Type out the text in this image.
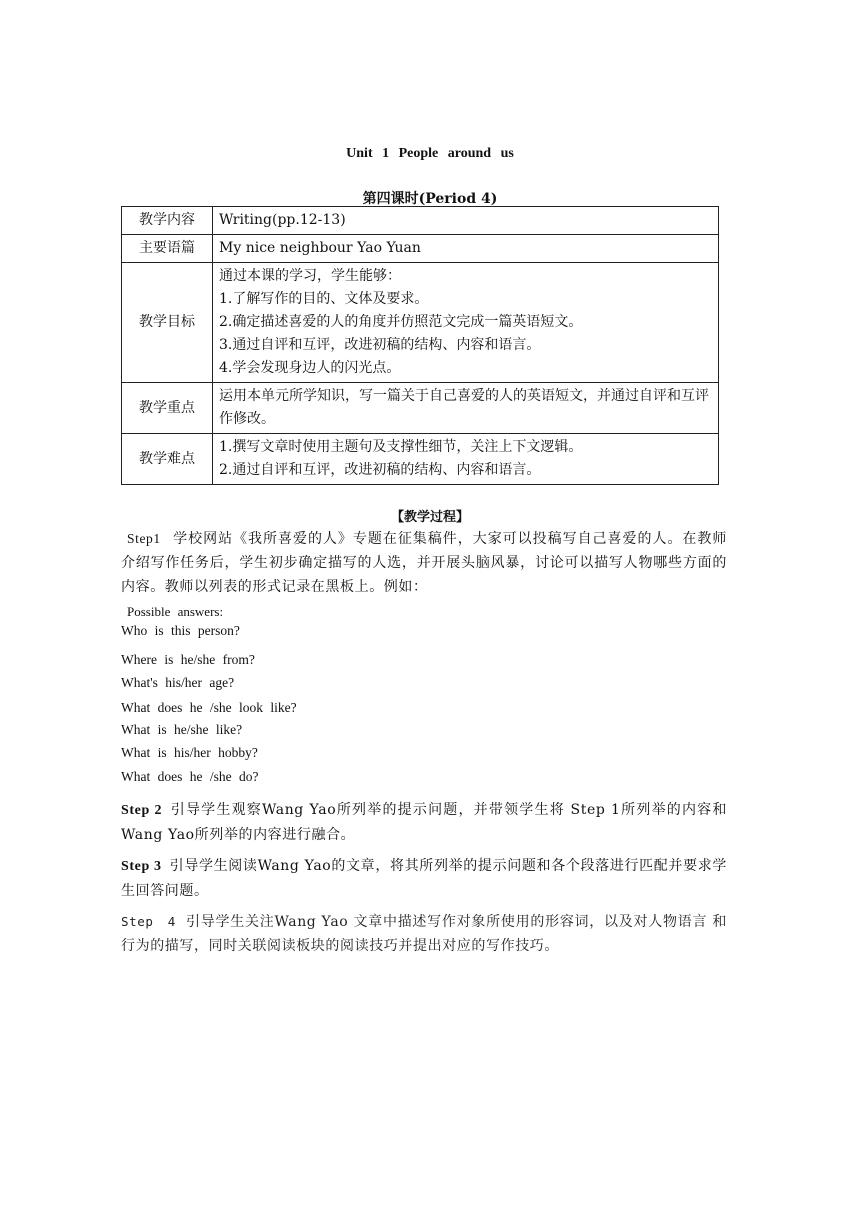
Unit 1 People around us
第四课时(Period 4)
教学内容	Writing(pp.12-13)

主要语篇	My nice neighbour Yao Yuan

教学目标	通过本课的学习，学生能够：
1.了解写作的目的、文体及要求。
2.确定描述喜爱的人的角度并仿照范文完成一篇英语短文。
3.通过自评和互评，改进初稿的结构、内容和语言。
4.学会发现身边人的闪光点。

教学重点	运用本单元所学知识，写一篇关于自己喜爱的人的英语短文，并通过自评和互评作修改。

教学难点	1.撰写文章时使用主题句及支撑性细节，关注上下文逻辑。
2.通过自评和互评，改进初稿的结构、内容和语言。
【教学过程】
Step1 学校网站《我所喜爱的人》专题在征集稿件，大家可以投稿写自己喜爱的人。在教师介绍写作任务后，学生初步确定描写的人选，并开展头脑风暴，讨论可以描写人物哪些方面的内容。教师以列表的形式记录在黑板上。例如：
Possible answers:
Who is this person?
Where is he/she from?
What's his/her age?
What does he /she look like?
What is he/she like?
What is his/her hobby?
What does he /she do?
Step 2 引导学生观察Wang Yao所列举的提示问题，并带领学生将 Step 1所列举的内容和 Wang Yao所列举的内容进行融合。
Step 3 引导学生阅读Wang Yao的文章，将其所列举的提示问题和各个段落进行匹配并要求学生回答问题。
Step 4 引导学生关注Wang Yao 文章中描述写作对象所使用的形容词，以及对人物语言 和行为的描写，同时关联阅读板块的阅读技巧并提出对应的写作技巧。
